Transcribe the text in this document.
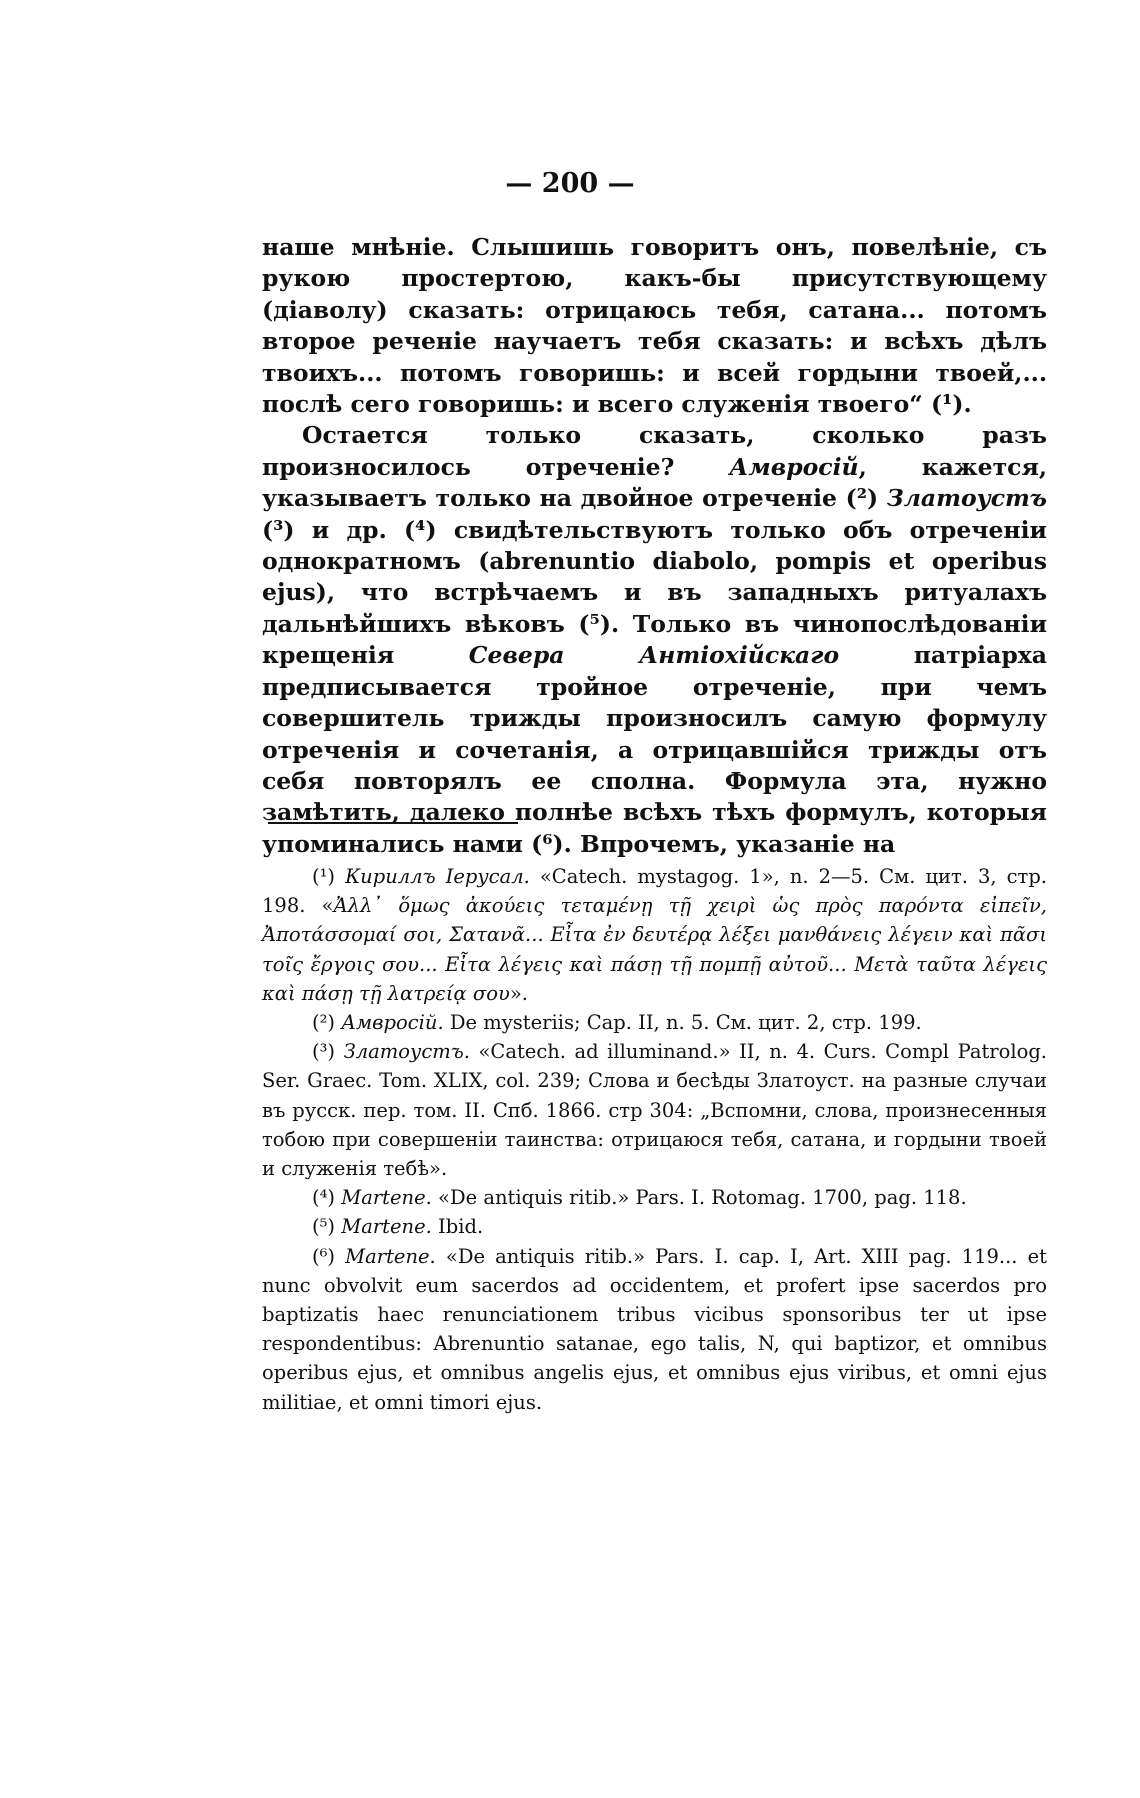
— 200 —

наше мнѣніе. Слышишь говоритъ онъ, повелѣніе, съ рукою простертою, какъ-бы присутствующему (діаволу) сказать: отрицаюсь тебя, сатана... потомъ второе реченіе научаетъ тебя сказать: и всѣхъ дѣлъ твоихъ... потомъ говоришь: и всей гордыни твоей,... послѣ сего говоришь: и всего служенія твоего“ (¹).

Остается только сказать, сколько разъ произносилось отреченіе? Амвросій, кажется, указываетъ только на двойное отреченіе (²) Златоустъ (³) и др. (⁴) свидѣтельствуютъ только объ отреченіи однократномъ (abrenuntio diabolo, pompis et operibus ejus), что встрѣчаемъ и въ западныхъ ритуалахъ дальнѣйшихъ вѣковъ (⁵). Только въ чинопослѣдованіи крещенія Севера Антіохійскаго патріарха предписывается тройное отреченіе, при чемъ совершитель трижды произносилъ самую формулу отреченія и сочетанія, а отрицавшійся трижды отъ себя повторялъ ее сполна. Формула эта, нужно замѣтить, далеко полнѣе всѣхъ тѣхъ формулъ, которыя упоминались нами (⁶). Впрочемъ, указаніе на

(¹) Кириллъ Іерусал. «Catech. mystagog. 1», n. 2—5. См. цит. 3, стр. 198. «Ἀλλ᾽ ὅμως ἀκούεις τεταμένῃ τῇ χειρὶ ὡς πρὸς παρόντα εἰπεῖν, Ἀποτάσσομαί σοι, Σατανᾶ... Εἶτα ἐν δευτέρᾳ λέξει μανθάνεις λέγειν καὶ πᾶσι τοῖς ἔργοις σου... Εἶτα λέγεις καὶ πάσῃ τῇ πομπῇ αὐτοῦ... Μετὰ ταῦτα λέγεις καὶ πάσῃ τῇ λατρείᾳ σου».

(²) Амвросій. De mysteriis; Cap. II, n. 5. См. цит. 2, стр. 199.

(³) Златоустъ. «Catech. ad illuminand.» II, n. 4. Curs. Compl Patrolog. Ser. Graec. Tom. XLIX, col. 239; Слова и бесѣды Златоуст. на разные случаи въ русск. пер. том. II. Спб. 1866. стр 304: „Вспомни, слова, произнесенныя тобою при совершеніи таинства: отрицаюся тебя, сатана, и гордыни твоей и служенія тебѣ».

(⁴) Martene. «De antiquis ritib.» Pars. I. Rotomag. 1700, pag. 118.

(⁵) Martene. Ibid.

(⁶) Martene. «De antiquis ritib.» Pars. I. cap. I, Art. XIII pag. 119... et nunc obvolvit eum sacerdos ad occidentem, et profert ipse sacerdos pro baptizatis haec renunciationem tribus vicibus sponsoribus ter ut ipse respondentibus: Abrenuntio satanae, ego talis, N, qui baptizor, et omnibus operibus ejus, et omnibus angelis ejus, et omnibus ejus viribus, et omni ejus militiae, et omni timori ejus.
